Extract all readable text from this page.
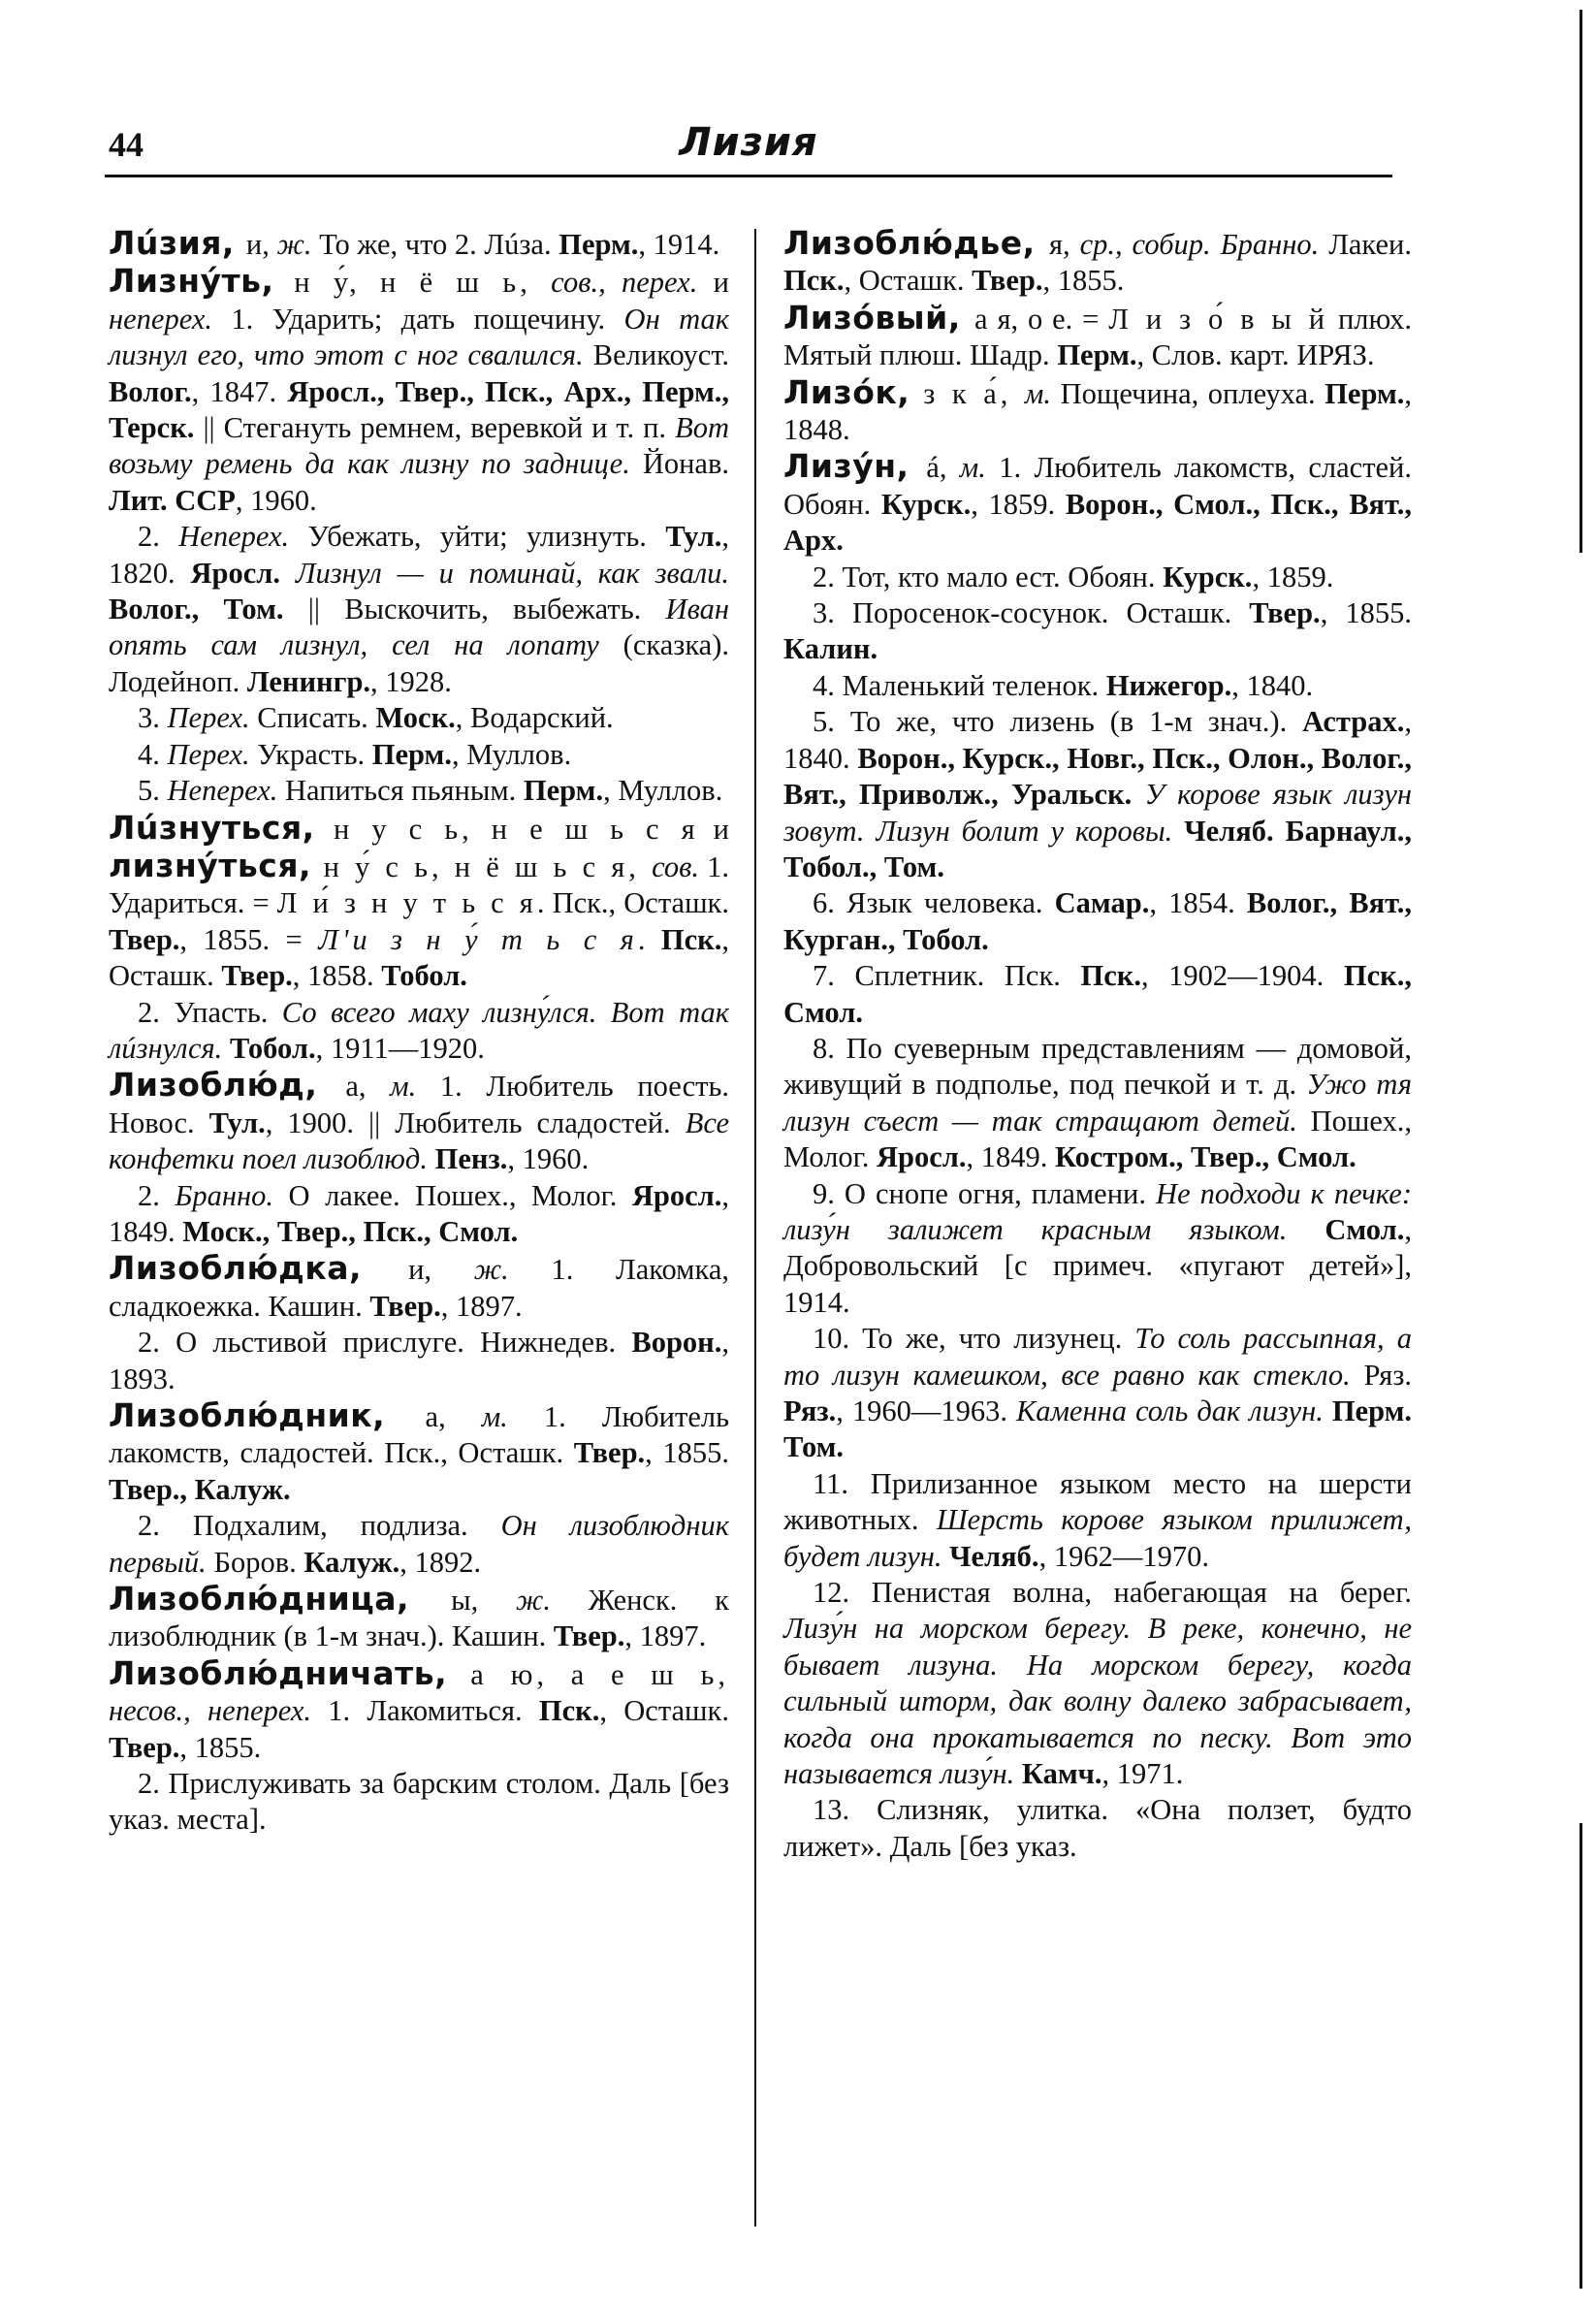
44	Лизия

Лúзия, и, ж. То же, что 2. Лúза. Перм., 1914.

Лизну́ть, н у́, н ё ш ь, сов., перех. и неперех. 1. Ударить; дать пощечину. Он так лизнул его, что этот с ног свалился. Великоуст. Волог., 1847. Яросл., Твер., Пск., Арх., Перм., Терск. || Стегануть ремнем, веревкой и т. п. Вот возьму ремень да как лизну по заднице. Йонав. Лит. ССР, 1960.

2. Неперех. Убежать, уйти; улизнуть. Тул., 1820. Яросл. Лизнул — и поминай, как звали. Волог., Том. || Выскочить, выбежать. Иван опять сам лизнул, сел на лопату (сказка). Лодейноп. Ленингр., 1928.

3. Перех. Списать. Моск., Водарский.

4. Перех. Украсть. Перм., Муллов.

5. Неперех. Напиться пьяным. Перм., Муллов.

Лúзнуться, н у с ь, н е ш ь с я и лизну́ться, н у́ с ь, н ё ш ь с я, сов. 1. Удариться. = Л и́ з н у т ь с я. Пск., Осташк. Твер., 1855. = Л'и з н у́ т ь с я. Пск., Осташк. Твер., 1858. Тобол.

2. Упасть. Со всего маху лизну́лся. Вот так лúзнулся. Тобол., 1911—1920.

Лизоблю́д, а, м. 1. Любитель поесть. Новос. Тул., 1900. || Любитель сладостей. Все конфетки поел лизоблюд. Пенз., 1960.

2. Бранно. О лакее. Пошех., Молог. Яросл., 1849. Моск., Твер., Пск., Смол.

Лизоблю́дка, и, ж. 1. Лакомка, сладкоежка. Кашин. Твер., 1897.

2. О льстивой прислуге. Нижнедев. Ворон., 1893.

Лизоблю́дник, а, м. 1. Любитель лакомств, сладостей. Пск., Осташк. Твер., 1855. Твер., Калуж.

2. Подхалим, подлиза. Он лизоблюдник первый. Боров. Калуж., 1892.

Лизоблю́дница, ы, ж. Женск. к лизоблюдник (в 1-м знач.). Кашин. Твер., 1897.

Лизоблю́дничать, а ю, а е ш ь, несов., неперех. 1. Лакомиться. Пск., Осташк. Твер., 1855.

2. Прислуживать за барским столом. Даль [без указ. места].

Лизоблю́дье, я, ср., собир. Бранно. Лакеи. Пск., Осташк. Твер., 1855.

Лизо́вый, а я, о е. = Л и з о́ в ы й плюх. Мятый плюш. Шадр. Перм., Слов. карт. ИРЯЗ.

Лизо́к, з к а́, м. Пощечина, оплеуха. Перм., 1848.

Лизу́н, á, м. 1. Любитель лакомств, сластей. Обоян. Курск., 1859. Ворон., Смол., Пск., Вят., Арх.

2. Тот, кто мало ест. Обоян. Курск., 1859.

3. Поросенок-сосунок. Осташк. Твер., 1855. Калин.

4. Маленький теленок. Нижегор., 1840.

5. То же, что лизень (в 1-м знач.). Астрах., 1840. Ворон., Курск., Новг., Пск., Олон., Волог., Вят., Приволж., Уральск. У корове язык лизун зовут. Лизун болит у коровы. Челяб. Барнаул., Тобол., Том.

6. Язык человека. Самар., 1854. Волог., Вят., Курган., Тобол.

7. Сплетник. Пск. Пск., 1902—1904. Пск., Смол.

8. По суеверным представлениям — домовой, живущий в подполье, под печкой и т. д. Ужо тя лизун съест — так стращают детей. Пошех., Молог. Яросл., 1849. Костром., Твер., Смол.

9. О снопе огня, пламени. Не подходи к печке: лизу́н залижет красным языком. Смол., Добровольский [с примеч. «пугают детей»], 1914.

10. То же, что лизунец. То соль рассыпная, а то лизун камешком, все равно как стекло. Ряз. Ряз., 1960—1963. Каменна соль дак лизун. Перм. Том.

11. Прилизанное языком место на шерсти животных. Шерсть корове языком прилижет, будет лизун. Челяб., 1962—1970.

12. Пенистая волна, набегающая на берег. Лизу́н на морском берегу. В реке, конечно, не бывает лизуна. На морском берегу, когда сильный шторм, дак волну далеко забрасывает, когда она прокатывается по песку. Вот это называется лизу́н. Камч., 1971.

13. Слизняк, улитка. «Она ползет, будто лижет». Даль [без указ.
